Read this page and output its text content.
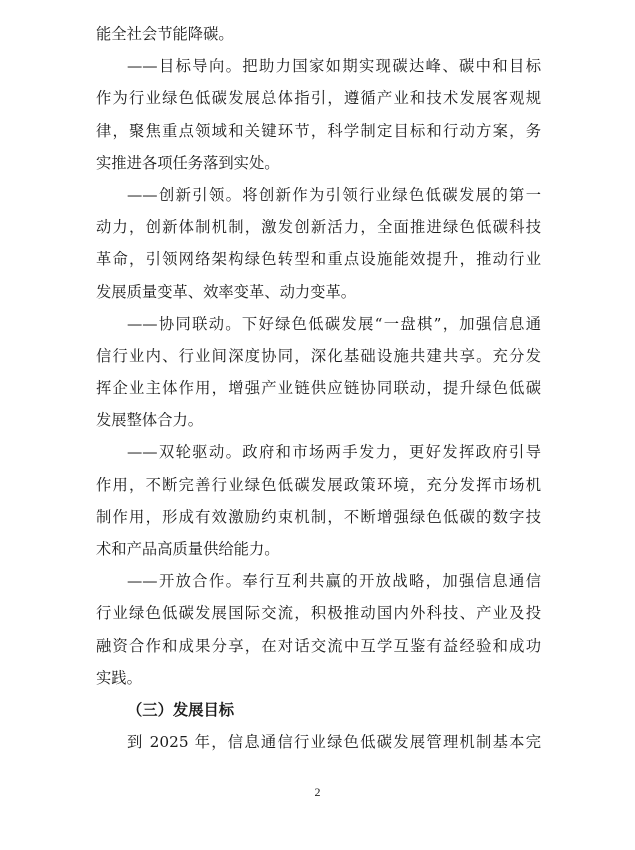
能全社会节能降碳。
——目标导向。把助力国家如期实现碳达峰、碳中和目标
作为行业绿色低碳发展总体指引，遵循产业和技术发展客观规
律，聚焦重点领域和关键环节，科学制定目标和行动方案，务
实推进各项任务落到实处。
——创新引领。将创新作为引领行业绿色低碳发展的第一
动力，创新体制机制，激发创新活力，全面推进绿色低碳科技
革命，引领网络架构绿色转型和重点设施能效提升，推动行业
发展质量变革、效率变革、动力变革。
——协同联动。下好绿色低碳发展“一盘棋”，加强信息通
信行业内、行业间深度协同，深化基础设施共建共享。充分发
挥企业主体作用，增强产业链供应链协同联动，提升绿色低碳
发展整体合力。
——双轮驱动。政府和市场两手发力，更好发挥政府引导
作用，不断完善行业绿色低碳发展政策环境，充分发挥市场机
制作用，形成有效激励约束机制，不断增强绿色低碳的数字技
术和产品高质量供给能力。
——开放合作。奉行互利共赢的开放战略，加强信息通信
行业绿色低碳发展国际交流，积极推动国内外科技、产业及投
融资合作和成果分享，在对话交流中互学互鉴有益经验和成功
实践。
（三）发展目标
到 2025 年，信息通信行业绿色低碳发展管理机制基本完
2
